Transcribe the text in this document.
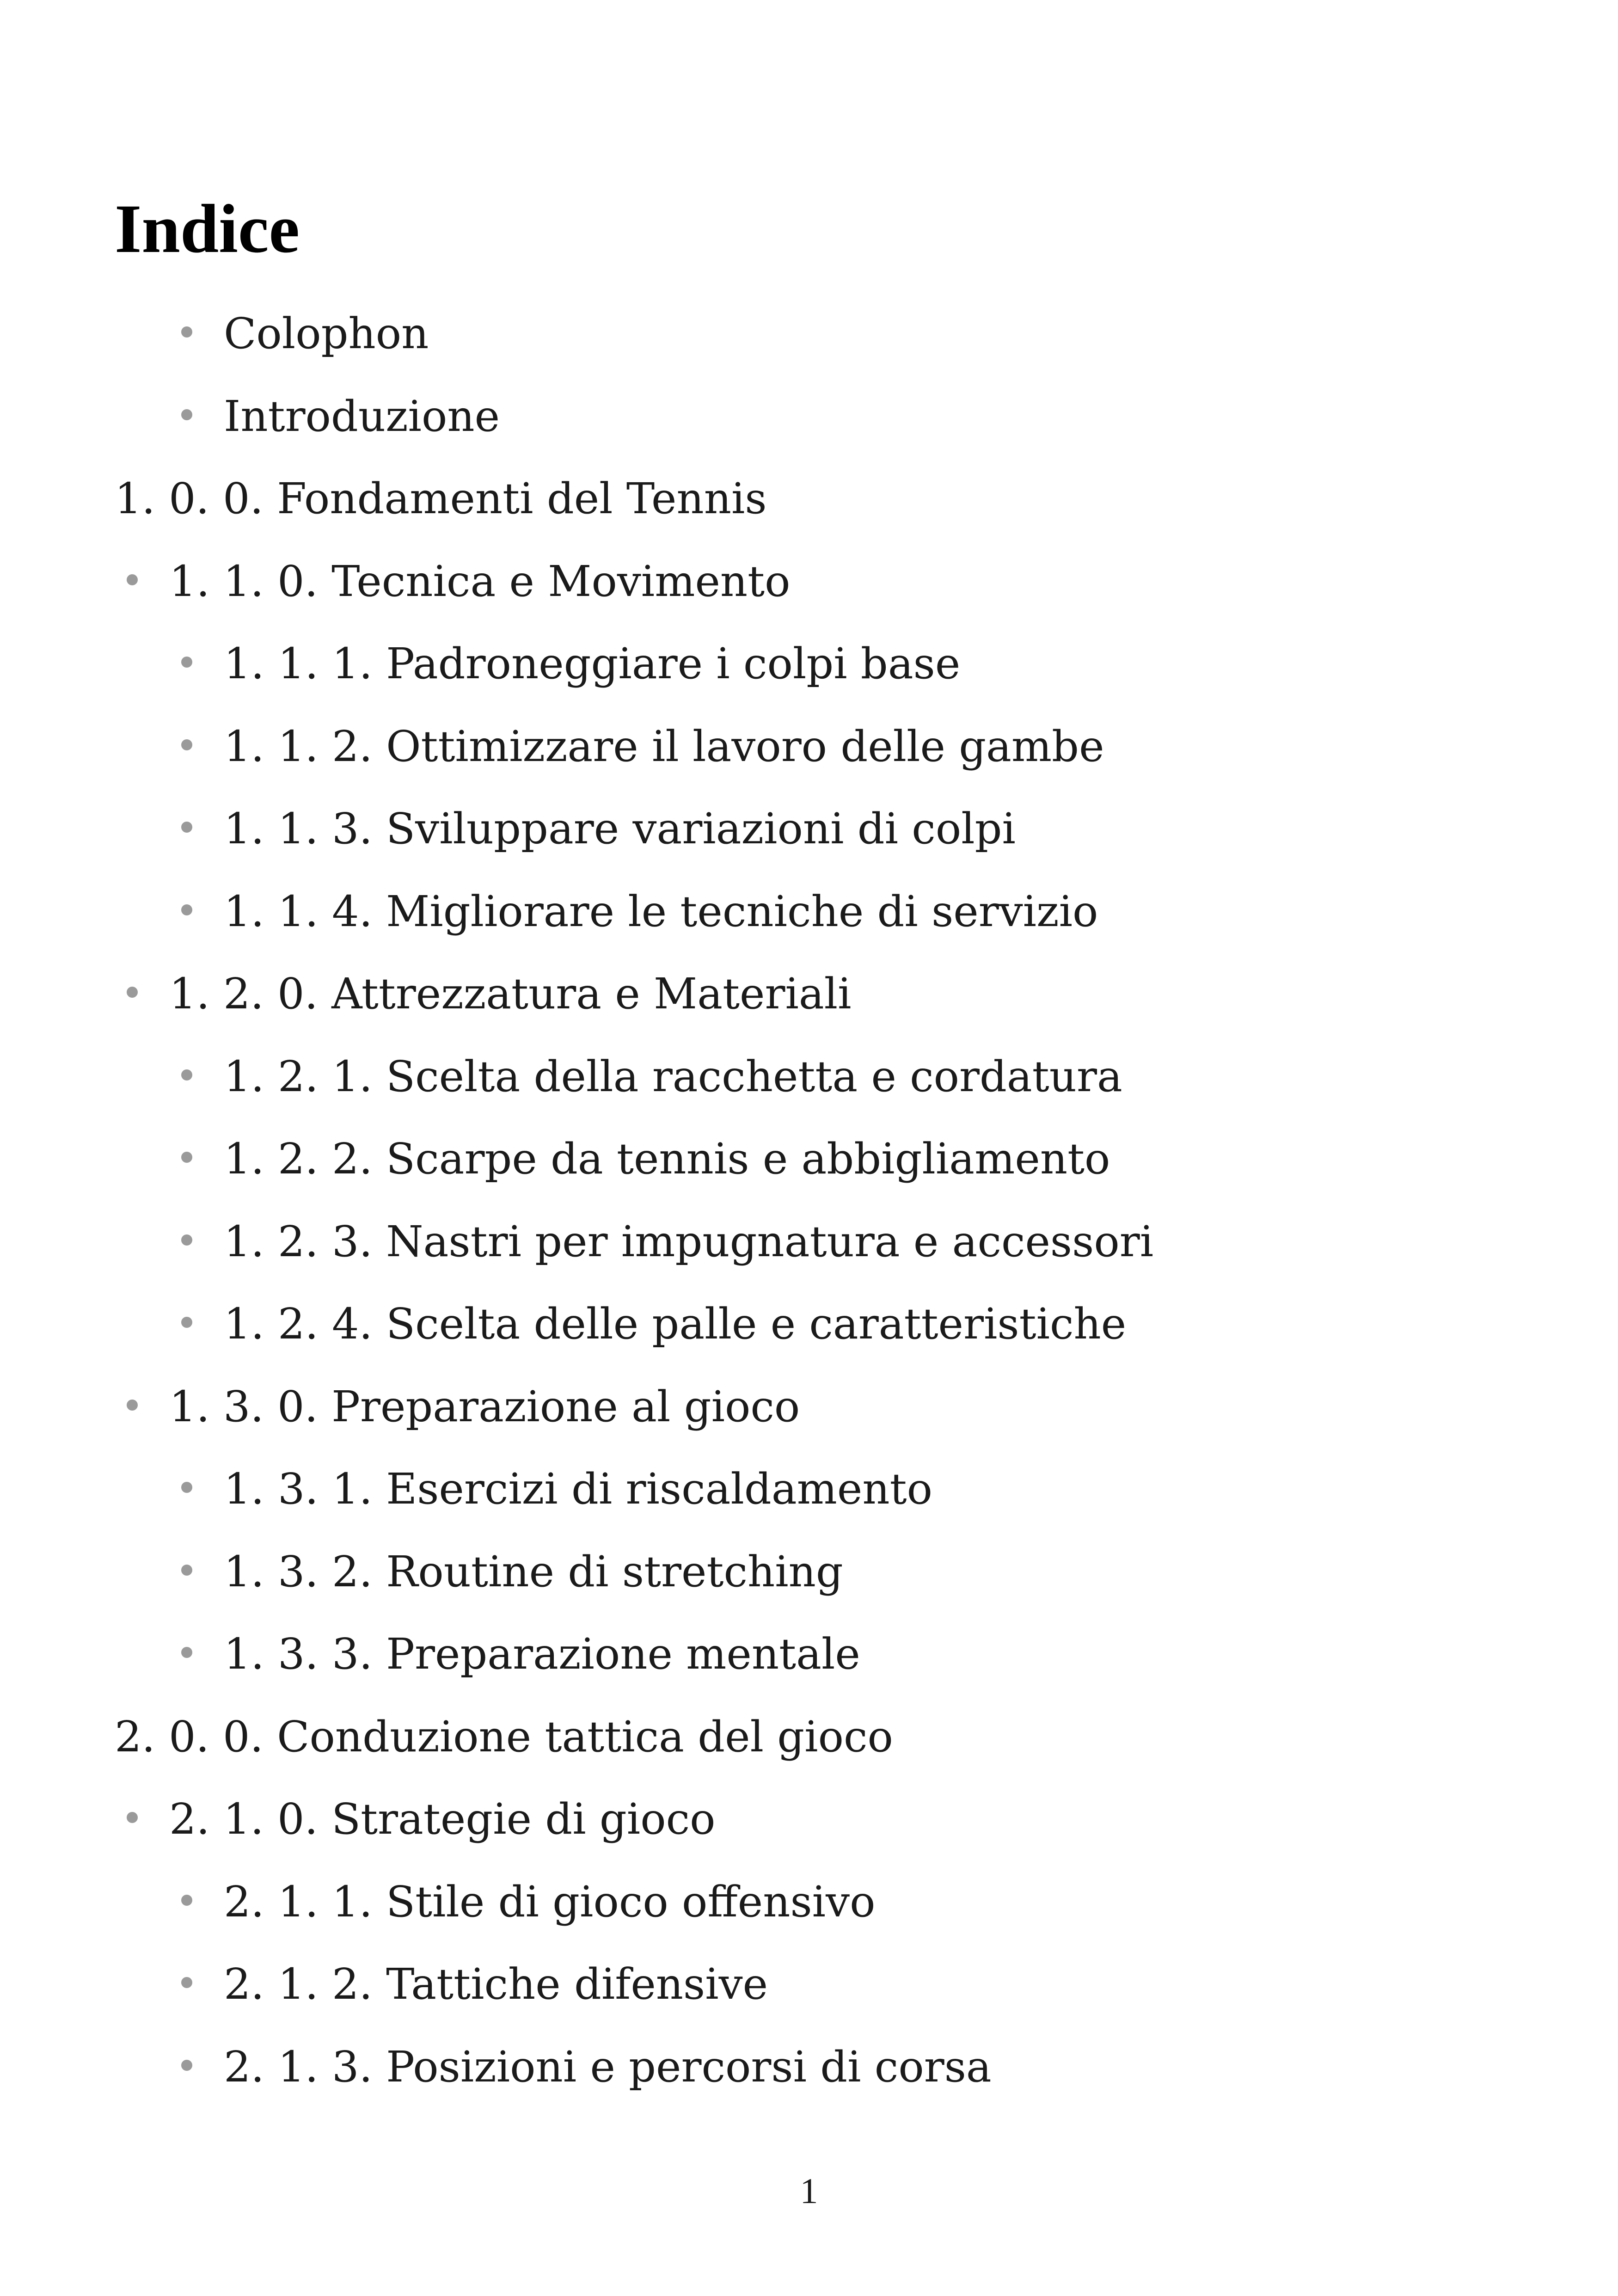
Indice
Colophon
Introduzione
1. 0. 0. Fondamenti del Tennis
1. 1. 0. Tecnica e Movimento
1. 1. 1. Padroneggiare i colpi base
1. 1. 2. Ottimizzare il lavoro delle gambe
1. 1. 3. Sviluppare variazioni di colpi
1. 1. 4. Migliorare le tecniche di servizio
1. 2. 0. Attrezzatura e Materiali
1. 2. 1. Scelta della racchetta e cordatura
1. 2. 2. Scarpe da tennis e abbigliamento
1. 2. 3. Nastri per impugnatura e accessori
1. 2. 4. Scelta delle palle e caratteristiche
1. 3. 0. Preparazione al gioco
1. 3. 1. Esercizi di riscaldamento
1. 3. 2. Routine di stretching
1. 3. 3. Preparazione mentale
2. 0. 0. Conduzione tattica del gioco
2. 1. 0. Strategie di gioco
2. 1. 1. Stile di gioco offensivo
2. 1. 2. Tattiche difensive
2. 1. 3. Posizioni e percorsi di corsa
1
